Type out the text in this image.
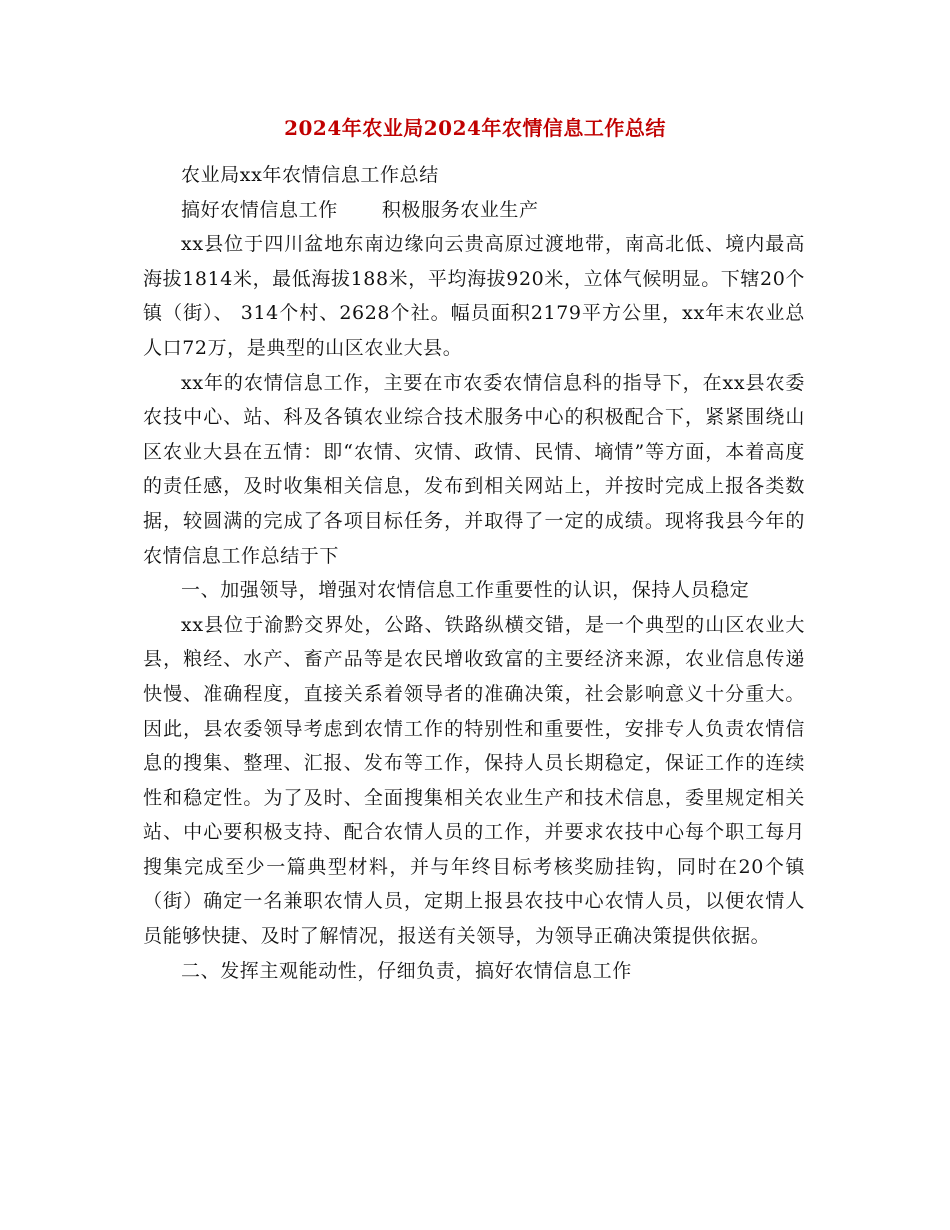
2024年农业局2024年农情信息工作总结

农业局xx年农情信息工作总结

搞好农情信息工作 积极服务农业生产

xx县位于四川盆地东南边缘向云贵高原过渡地带，南高北低、境内最高海拔1814米，最低海拔188米，平均海拔920米，立体气候明显。下辖20个镇（街）、 314个村、2628个社。幅员面积2179平方公里，xx年末农业总人口72万，是典型的山区农业大县。

xx年的农情信息工作，主要在市农委农情信息科的指导下，在xx县农委农技中心、站、科及各镇农业综合技术服务中心的积极配合下，紧紧围绕山区农业大县在五情：即“农情、灾情、政情、民情、墒情”等方面，本着高度的责任感，及时收集相关信息，发布到相关网站上，并按时完成上报各类数据，较圆满的完成了各项目标任务，并取得了一定的成绩。现将我县今年的农情信息工作总结于下

一、加强领导，增强对农情信息工作重要性的认识，保持人员稳定

xx县位于渝黔交界处，公路、铁路纵横交错，是一个典型的山区农业大县，粮经、水产、畜产品等是农民增收致富的主要经济来源，农业信息传递快慢、准确程度，直接关系着领导者的准确决策，社会影响意义十分重大。因此，县农委领导考虑到农情工作的特别性和重要性，安排专人负责农情信息的搜集、整理、汇报、发布等工作，保持人员长期稳定，保证工作的连续性和稳定性。为了及时、全面搜集相关农业生产和技术信息，委里规定相关站、中心要积极支持、配合农情人员的工作，并要求农技中心每个职工每月搜集完成至少一篇典型材料，并与年终目标考核奖励挂钩，同时在20个镇（街）确定一名兼职农情人员，定期上报县农技中心农情人员，以便农情人员能够快捷、及时了解情况，报送有关领导，为领导正确决策提供依据。

二、发挥主观能动性，仔细负责，搞好农情信息工作
